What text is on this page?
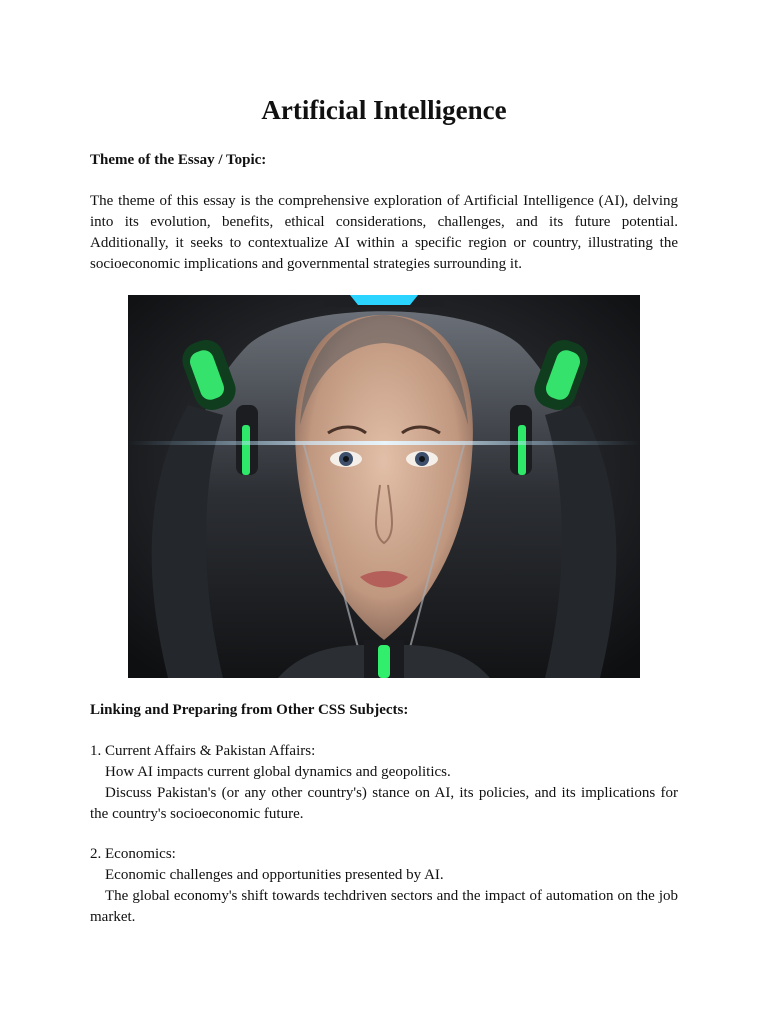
Artificial Intelligence

Theme of the Essay / Topic:

The theme of this essay is the comprehensive exploration of Artificial Intelligence (AI), delving into its evolution, benefits, ethical considerations, challenges, and its future potential. Additionally, it seeks to contextualize AI within a specific region or country, illustrating the socioeconomic implications and governmental strategies surrounding it.

Linking and Preparing from Other CSS Subjects:

1. Current Affairs & Pakistan Affairs:

How AI impacts current global dynamics and geopolitics.

Discuss Pakistan's (or any other country's) stance on AI, its policies, and its implications for the country's socioeconomic future.

2. Economics:

Economic challenges and opportunities presented by AI.

The global economy's shift towards techdriven sectors and the impact of automation on the job market.
